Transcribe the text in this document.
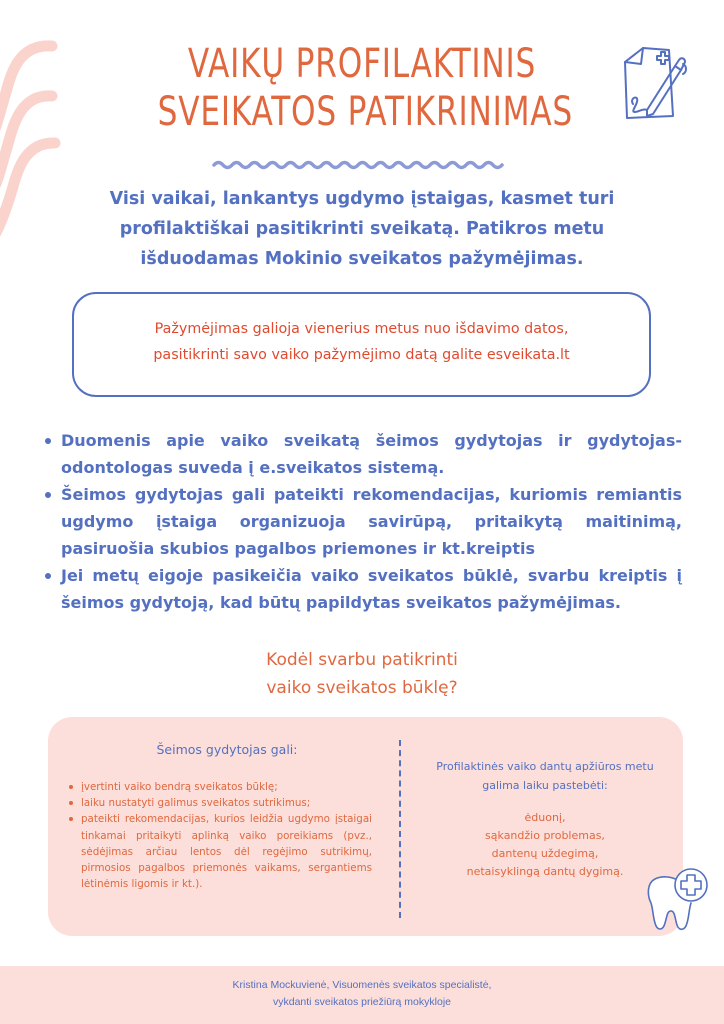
VAIKŲ PROFILAKTINIS
SVEIKATOS PATIKRINIMAS
Visi vaikai, lankantys ugdymo įstaigas, kasmet turi
profilaktiškai pasitikrinti sveikatą. Patikros metu
išduodamas Mokinio sveikatos pažymėjimas.
Pažymėjimas galioja vienerius metus nuo išdavimo datos,
pasitikrinti savo vaiko pažymėjimo datą galite esveikata.lt
Duomenis apie vaiko sveikatą šeimos gydytojas ir gydytojas-odontologas suveda į e.sveikatos sistemą.
Šeimos gydytojas gali pateikti rekomendacijas, kuriomis remiantis ugdymo įstaiga organizuoja savirūpą, pritaikytą maitinimą, pasiruošia skubios pagalbos priemones ir kt.kreiptis
Jei metų eigoje pasikeičia vaiko sveikatos būklė, svarbu kreiptis į šeimos gydytoją, kad būtų papildytas sveikatos pažymėjimas.
Kodėl svarbu patikrinti
vaiko sveikatos būklę?
Šeimos gydytojas gali:
įvertinti vaiko bendrą sveikatos būklę;
laiku nustatyti galimus sveikatos sutrikimus;
pateikti rekomendacijas, kurios leidžia ugdymo įstaigai tinkamai pritaikyti aplinką vaiko poreikiams (pvz., sėdėjimas arčiau lentos dėl regėjimo sutrikimų, pirmosios pagalbos priemonės vaikams, sergantiems lėtinėmis ligomis ir kt.).
Profilaktinės vaiko dantų apžiūros metu
galima laiku pastebėti:
ėduonį,
sąkandžio problemas,
dantenų uždegimą,
netaisyklingą dantų dygimą.
Kristina Mockuvienė, Visuomenės sveikatos specialistė,
vykdanti sveikatos priežiūrą mokykloje
